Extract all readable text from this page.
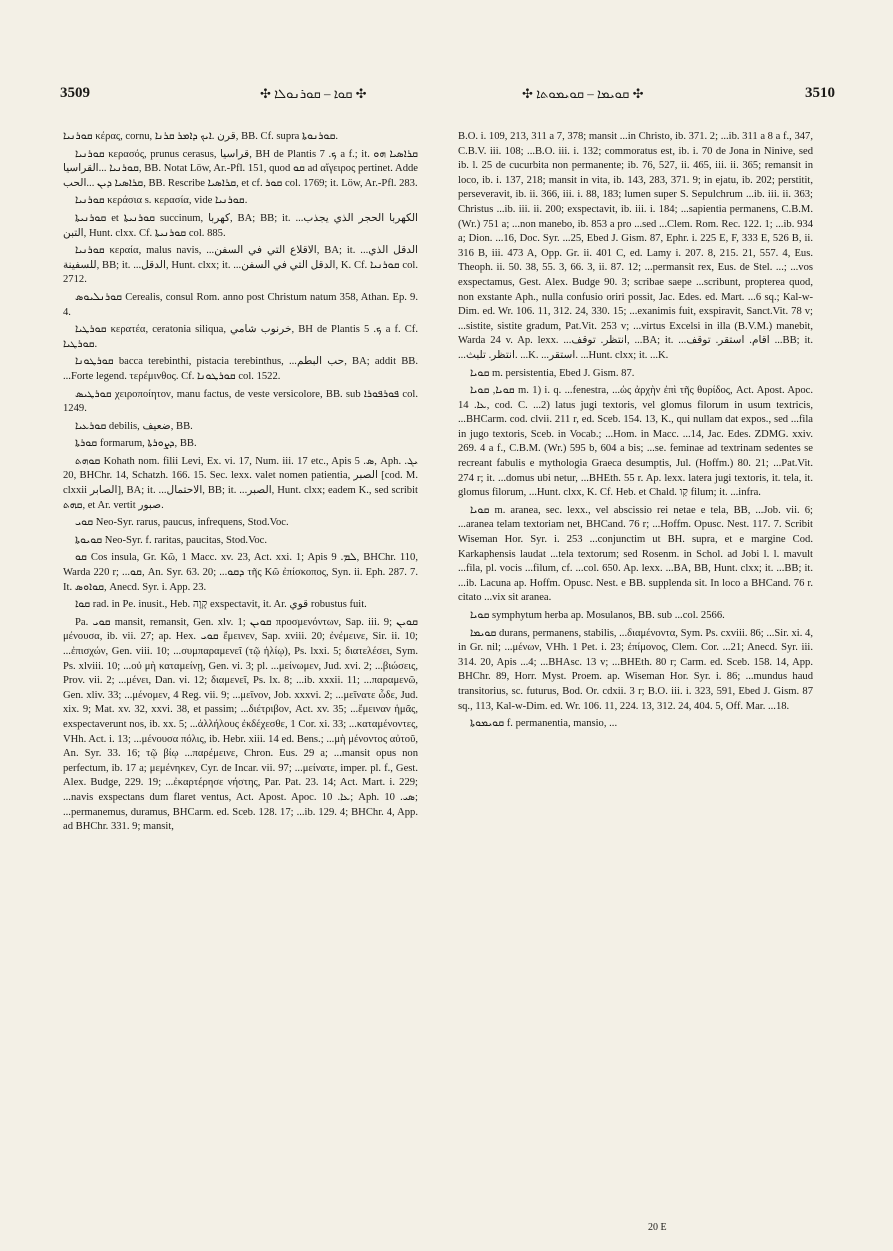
3509	✣ ܩܘܐ – ܩܘܪܢܘܠܐ ✣	✣ ܩܘܝܡܐ – ܩܘܝܡܘܬܐ ✣	3510

ܩܘܪܢܝܐ κέρας, cornu, قرن .ܐܝܟ ܕܐܡܪ ܩܪܢܐ, BB. Cf. supra ܩܘܪܢܘܬܐ.

ܩܘܪܢܝܐ κερασός, prunus cerasus, قراسيا, BH de Plantis ܟ. 7 a f.; it. ܩܪܐܣܝܐ ܗܘ ܩܘܪܢܝܐ ...القراسيا, BB. Notat Löw, Ar.-Pfl. 151, quod ܩܘ ad αἴγειρος pertinet. Adde ܩܪܐܣܝܐ ܕܝܢ ...الحب, BB. Rescribe ܩܪܐܣܝܐ, et cf. ܩܘܪ col. 1769; it. Löw, Ar.-Pfl. 283.

ܩܘܪܢܝܐ κεράσια s. κερασία, vide ܩܘܪܢܝܐ.

ܩܘܪܢܝܬܐ et ܩܘܪܢܝܬܐ succinum, كهربا, BA; BB; it. ...الكهربا الحجر الذي يجذب التبن, Hunt. clxx. Cf. ܩܘܪܢܝܬܐ col. 885.

ܩܘܪܢܝܐ κεραία, malus navis, ...الاقلاع التي في السفن, BA; it. ...الدقل الذي للسفينة, BB; it. ...الدقل, Hunt. clxx; it. ...الدقل التي في السفن, K. Cf. ܩܘܪܢܝܐ col. 2712.

ܩܘܪܢܠܝܘܣ Cerealis, consul Rom. anno post Christum natum 358, Athan. Ep. 9. 4.

ܩܘܪܛܝܐ κερατέα, ceratonia siliqua, خرنوب شامي, BH de Plantis ܟ. 5 a f. Cf. ܩܘܪܛܝܐ.

ܩܘܪܛܘܢܐ bacca terebinthi, pistacia terebinthus, ...حب البطم, BA; addit BB. ...Forte legend. τερέμινθος. Cf. ܩܘܪܛܘܢܐ col. 1522.

ܩܘܪܛܝܣ χειροποίητον, manu factus, de veste versicolore, BB. sub ܦܘܪܦܘܪܐ col. 1249.

ܩܘܪܥܝܐ debilis, ضعيف, BB.

ܩܘܪܬܐ formarum, ܕܨܘܪܬܐ, BB.

ܩܘܗܬ Kohath nom. filii Levi, Ex. vi. 17, Num. iii. 17 etc., Apis ܣ. 5, Aph. ܝܓ. 20, BHChr. 14, Schatzh. 166. 15. Sec. lexx. valet nomen patientia, الصبر [cod. M. clxxii الصابر], BA; it. ...الاحتمال, BB; it. ...الصبر, Hunt. clxx; eadem K., sed scribit ܩܗܬ, et Ar. vertit صبور.

ܩܘܝ Neo-Syr. rarus, paucus, infrequens, Stod.Voc.

ܩܘܝܘܬܐ Neo-Syr. f. raritas, paucitas, Stod.Voc.

ܩܘ Cos insula, Gr. Κῶ, 1 Macc. xv. 23, Act. xxi. 1; Apis ܠܡ. 9, BHChr. 110, Warda 220 r; ...ܩܘ, An. Syr. 63. 20; ...ܕܩܘ τῆς Κῶ ἐπίσκοπος, Syn. ii. Eph. 287. 7. It. ܩܘܐܘܣ, Anecd. Syr. i. App. 23.

ܩܘܐ rad. in Pe. inusit., Heb. קָוָה exspectavit, it. Ar. قوي robustus fuit.

Pa. ܩܘܝ mansit, remansit, Gen. xlv. 1; ܩܘܝܢ προσμενόντων, Sap. iii. 9; ܩܘܝܢ μένουσα, ib. vii. 27; ap. Hex. ܩܘܝ ἔμεινεν, Sap. xviii. 20; ἐνέμεινε, Sir. ii. 10; ...ἐπισχών, Gen. viii. 10; ...συμπαραμενεῖ (τῷ ἡλίῳ), Ps. lxxi. 5; διατελέσει, Sym. Ps. xlviii. 10; ...οὐ μὴ καταμείνῃ, Gen. vi. 3; pl. ...μείνωμεν, Jud. xvi. 2; ...βιώσεις, Prov. vii. 2; ...μένει, Dan. vi. 12; διαμενεῖ, Ps. lx. 8; ...ib. xxxii. 11; ...παραμενῶ, Gen. xliv. 33; ...μένομεν, 4 Reg. vii. 9; ...μεῖνον, Job. xxxvi. 2; ...μεῖνατε ὧδε, Jud. xix. 9; Mat. xv. 32, xxvi. 38, et passim; ...διέτριβον, Act. xv. 35; ...ἔμειναν ἡμᾶς, exspectaverunt nos, ib. xx. 5; ...ἀλλήλους ἐκδέχεσθε, 1 Cor. xi. 33; ...καταμένοντες, VHh. Act. i. 13; ...μένουσα πόλις, ib. Hebr. xiii. 14 ed. Bens.; ...μὴ μένοντος αὐτοῦ, An. Syr. 33. 16; τῷ βίῳ ...παρέμεινε, Chron. Eus. 29 a; ...mansit opus non perfectum, ib. 17 a; μεμένηκεν, Cyr. de Incar. vii. 97; ...μείνατε, imper. pl. f., Gest. Alex. Budge, 229. 19; ...ἐκαρτέρησε νήστης, Par. Pat. 23. 14; Act. Mart. i. 229; ...navis exspectans dum flaret ventus, Act. Apost. Apoc. ܥܐ. 10; Aph. ܣܝ. 10; ...permanemus, duramus, BHCarm. ed. Sceb. 128. 17; ...ib. 129. 4; BHChr. 4, App. ad BHChr. 331. 9; mansit,

B.O. i. 109, 213, 311 a 7, 378; mansit ...in Christo, ib. 371. 2; ...ib. 311 a 8 a f., 347, C.B.V. iii. 108; ...B.O. iii. i. 132; commoratus est, ib. i. 70 de Jona in Ninive, sed ib. l. 25 de cucurbita non permanente; ib. 76, 527, ii. 465, iii. ii. 365; remansit in loco, ib. i. 137, 218; mansit in vita, ib. 143, 283, 371. 9; in ejatu, ib. 202; perstitit, perseveravit, ib. ii. 366, iii. i. 88, 183; lumen super S. Sepulchrum ...ib. iii. ii. 363; Christus ...ib. iii. ii. 200; exspectavit, ib. iii. i. 184; ...sapientia permanens, C.B.M. (Wr.) 751 a; ...non manebo, ib. 853 a pro ...sed ...Clem. Rom. Rec. 122. 1; ...ib. 934 a; Dion. ...16, Doc. Syr. ...25, Ebed J. Gism. 87, Ephr. i. 225 E, F, 333 E, 526 B, ii. 316 B, iii. 473 A, Opp. Gr. ii. 401 C, ed. Lamy i. 207. 8, 215. 21, 557. 4, Eus. Theoph. ii. 50. 38, 55. 3, 66. 3, ii. 87. 12; ...permansit rex, Eus. de Stel. ...; ...vos exspectamus, Gest. Alex. Budge 90. 3; scribae saepe ...scribunt, propterea quod, non exstante Aph., nulla confusio oriri possit, Jac. Edes. ed. Mart. ...6 sq.; Kal-w-Dim. ed. Wr. 106. 11, 312. 24, 330. 15; ...exanimis fuit, exspiravit, Sanct.Vit. 78 v; ...sistite, sistite gradum, Pat.Vit. 253 v; ...virtus Excelsi in illa (B.V.M.) manebit, Warda 24 v. Ap. lexx. ...انتظر. توقف, ...BA; it. ...اقام. استقر. توقف ...BB; it. ...انتظر. تلبث. ...K. ...استقر. ...Hunt. clxx; it. ...K.

ܩܘܝܐ m. persistentia, Ebed J. Gism. 87.

ܩܘܝܐ, ܩܘܝܐ m. 1) i. q. ...fenestra, ...ὡς ἀρχὴν ἐπὶ τῆς θυρίδος, Act. Apost. Apoc. ܥܐ. 14, cod. C. ...2) latus jugi textoris, vel glomus filorum in usum textricis, ...BHCarm. cod. clvii. 211 r, ed. Sceb. 154. 13, K., qui nullam dat expos., sed ...fila in jugo textoris, Sceb. in Vocab.; ...Hom. in Macc. ...14, Jac. Edes. ZDMG. xxiv. 269. 4 a f., C.B.M. (Wr.) 595 b, 604 a bis; ...se. feminae ad textrinam sedentes se recreant fabulis e mythologia Graeca desumptis, Jul. (Hoffm.) 80. 21; ...Pat.Vit. 274 r; it. ...domus ubi netur, ...BHEth. 55 r. Ap. lexx. latera jugi textoris, it. tela, it. glomus filorum, ...Hunt. clxx, K. Cf. Heb. et Chald. קַו filum; it. ...infra.

ܩܘܝܐ m. aranea, sec. lexx., vel abscissio rei netae e tela, BB, ...Job. vii. 6; ...aranea telam textoriam net, BHCand. 76 r; ...Hoffm. Opusc. Nest. 117. 7. Scribit Wiseman Hor. Syr. i. 253 ...conjunctim ut BH. supra, et e margine Cod. Karkaphensis laudat ...tela textorum; sed Rosenm. in Schol. ad Jobi l. l. mavult ...fila, pl. vocis ...filum, cf. ...col. 650. Ap. lexx. ...BA, BB, Hunt. clxx; it. ...BB; it. ...ib. Lacuna ap. Hoffm. Opusc. Nest. e BB. supplenda sit. In loco a BHCand. 76 r. citato ...vix sit aranea.

ܩܘܝܐ symphytum herba ap. Mosulanos, BB. sub ...col. 2566.

ܩܘܝܡܐ durans, permanens, stabilis, ...διαμένοντα, Sym. Ps. cxviii. 86; ...Sir. xi. 4, in Gr. nil; ...μένων, VHh. 1 Pet. i. 23; ἐπίμονος, Clem. Cor. ...21; Anecd. Syr. iii. 314. 20, Apis ...4; ...BHAsc. 13 v; ...BHEth. 80 r; Carm. ed. Sceb. 158. 14, App. BHChr. 89, Horr. Myst. Proem. ap. Wiseman Hor. Syr. i. 86; ...mundus haud transitorius, sc. futurus, Bod. Or. cdxii. 3 r; B.O. iii. i. 323, 591, Ebed J. Gism. 87 sq., 113, Kal-w-Dim. ed. Wr. 106. 11, 224. 13, 312. 24, 404. 5, Off. Mar. ...18.

ܩܘܝܡܘܬܐ f. permanentia, mansio, ...

20 E
